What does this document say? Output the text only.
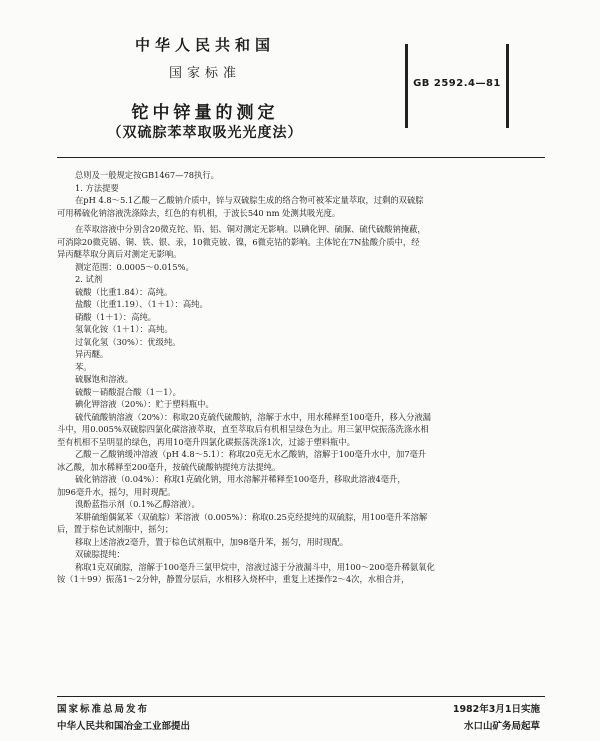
中华人民共和国
国家标准
GB 2592.4—81
铊中锌量的测定
（双硫腙苯萃取吸光光度法）

总则及一般规定按GB1467—78执行。

1. 方法提要

在pH 4.8～5.1乙酸－乙酸钠介质中，锌与双硫腙生成的络合物可被苯定量萃取，过剩的双硫腙

可用稀硫化钠溶液洗涤除去，红色的有机相，于波长540 nm 处测其吸光度。

在萃取溶液中分别含20微克铊、铅、铝、铜对测定无影响。以碘化钾、硫脲、硫代硫酸钠掩蔽，

可消除20微克镉、铜、铁、银、汞，10微克铍、镍，6微克钴的影响。主体铊在7N盐酸介质中，经

异丙醚萃取分离后对测定无影响。

测定范围：0.0005～0.015%。

2. 试剂

硫酸（比重1.84）：高纯。

盐酸（比重1.19）、（1＋1）：高纯。

硝酸（1＋1）：高纯。

氢氧化铵（1＋1）：高纯。

过氧化氢（30%）：优级纯。

异丙醚。

苯。

硫脲饱和溶液。

硫酸－硝酸混合酸（1－1）。

碘化钾溶液（20%）：贮于塑料瓶中。

硫代硫酸钠溶液（20%）：称取20克硫代硫酸钠，溶解于水中，用水稀释至100毫升，移入分液漏

斗中，用0.005%双硫腙四氯化碳溶液萃取，直至萃取后有机相呈绿色为止。用三氯甲烷振荡洗涤水相

至有机相不呈明显的绿色，再用10毫升四氯化碳振荡洗涤1次，过滤于塑料瓶中。

乙酸－乙酸钠缓冲溶液（pH 4.8～5.1）：称取20克无水乙酸钠，溶解于100毫升水中，加7毫升

冰乙酸，加水稀释至200毫升，按硫代硫酸钠提纯方法提纯。

硫化钠溶液（0.04%）：称取1克硫化钠，用水溶解并稀释至100毫升，移取此溶液4毫升，

加96毫升水，摇匀，用时现配。

溴酚蓝指示剂（0.1%乙醇溶液）。

苯肼硫缩偶氮苯（双硫腙）苯溶液（0.005%）：称取0.25克经提纯的双硫腙，用100毫升苯溶解

后，置于棕色试剂瓶中，摇匀；

移取上述溶液2毫升，置于棕色试剂瓶中，加98毫升苯，摇匀，用时现配。

双硫腙提纯：

称取1克双硫腙，溶解于100毫升三氯甲烷中，溶液过滤于分液漏斗中，用100～200毫升稀氨氧化

铵（1＋99）振荡1～2分钟，静置分层后，水相移入烧杯中，重复上述操作2～4次，水相合并，

国家标准总局发布	1982年3月1日实施
中华人民共和国冶金工业部提出	水口山矿务局起草
